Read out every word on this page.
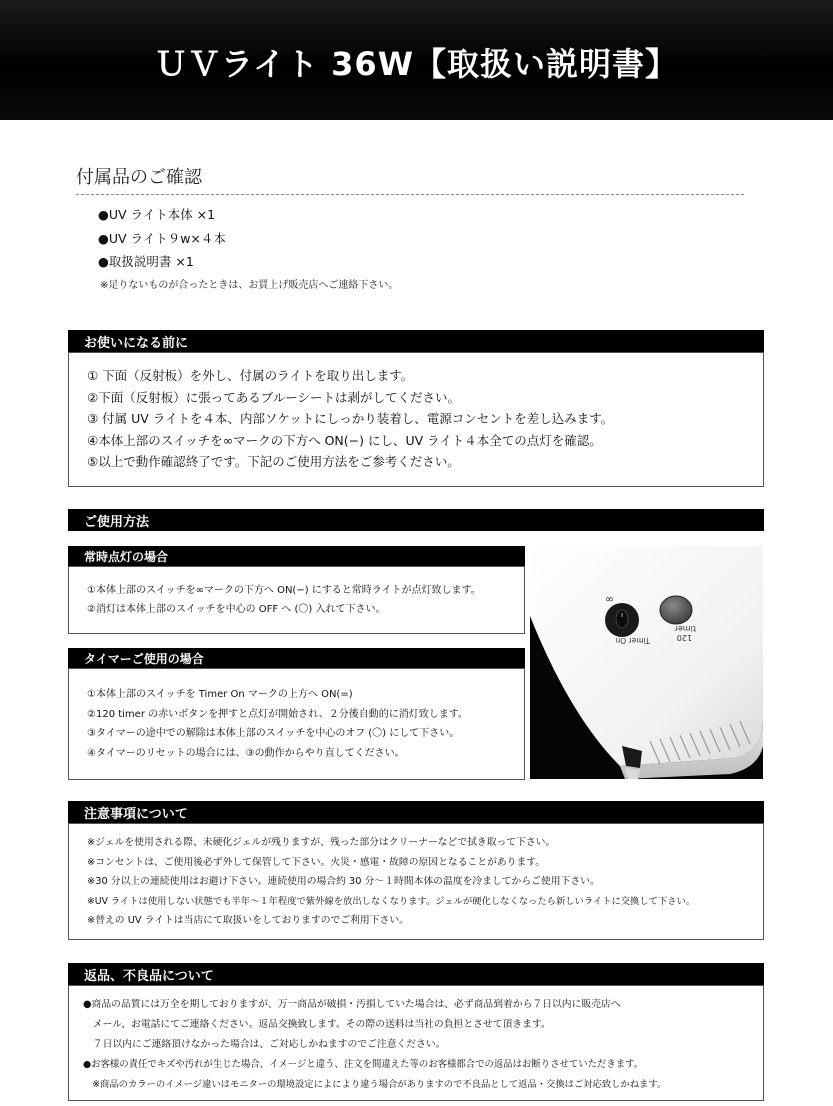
ＵＶライト 36W【取扱い説明書】
付属品のご確認
●UV ライト本体 ×1
●UV ライト９w×４本
●取扱説明書 ×1
※足りないものが合ったときは、お買上げ販売店へご連絡下さい。
お使いになる前に
① 下面（反射板）を外し、付属のライトを取り出します。
②下面（反射板）に張ってあるブルーシートは剥がしてください。
③ 付属 UV ライトを４本、内部ソケットにしっかり装着し、電源コンセントを差し込みます。
④本体上部のスイッチを∞マークの下方へ ON(−) にし、UV ライト４本全ての点灯を確認。
⑤以上で動作確認終了です。下記のご使用方法をご参考ください。
ご使用方法
常時点灯の場合
①本体上部のスイッチを∞マークの下方へ ON(−) にすると常時ライトが点灯致します。
②消灯は本体上部のスイッチを中心の OFF へ (〇) 入れて下さい。
タイマーご使用の場合
①本体上部のスイッチを Timer On マークの上方へ ON(=)
②120 timer の赤いボタンを押すと点灯が開始され、２分後自動的に消灯致します。
③タイマーの途中での解除は本体上部のスイッチを中心のオフ (〇) にして下さい。
④タイマーのリセットの場合には、③の動作からやり直してください。
∞
Timer On	120
timer
注意事項について
※ジェルを使用される際、未硬化ジェルが残りますが、残った部分はクリーナーなどで拭き取って下さい。
※コンセントは、ご使用後必ず外して保管して下さい。火災・感電・故障の原因となることがあります。
※30 分以上の連続使用はお避け下さい。連続使用の場合約 30 分～１時間本体の温度を冷ましてからご使用下さい。
※UV ライトは使用しない状態でも半年～１年程度で紫外線を放出しなくなります。ジェルが硬化しなくなったら新しいライトに交換して下さい。
※替えの UV ライトは当店にて取扱いをしておりますのでご利用下さい。
返品、不良品について
●商品の品質には万全を期しておりますが、万一商品が破損・汚損していた場合は、必ず商品到着から７日以内に販売店へ
　メール、お電話にてご連絡ください。返品交換致します。その際の送料は当社の負担とさせて頂きます。
　７日以内にご連絡頂けなかった場合は、ご対応しかねますのでご注意ください。
●お客様の責任でキズや汚れが生じた場合、イメージと違う、注文を間違えた等のお客様都合での返品はお断りさせていただきます。
　※商品のカラーのイメージ違いはモニターの環境設定によにより違う場合がありますので不良品として返品・交換はご対応致しかねます。
